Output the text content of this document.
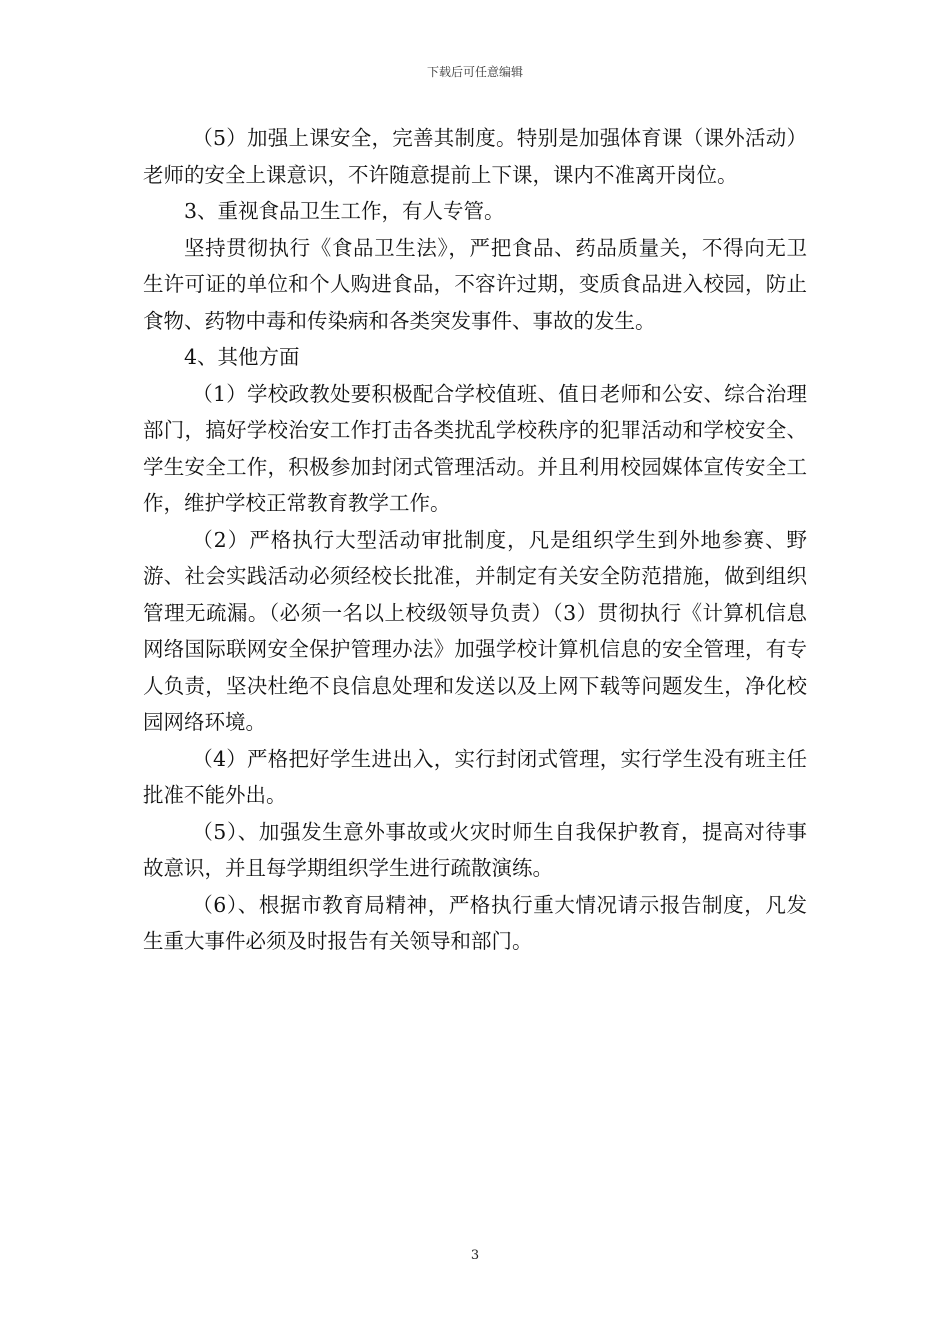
下载后可任意编辑

（5）加强上课安全，完善其制度。特别是加强体育课（课外活动）老师的安全上课意识，不许随意提前上下课，课内不准离开岗位。

3、重视食品卫生工作，有人专管。

坚持贯彻执行《食品卫生法》，严把食品、药品质量关，不得向无卫生许可证的单位和个人购进食品，不容许过期，变质食品进入校园，防止食物、药物中毒和传染病和各类突发事件、事故的发生。

4、其他方面

（1）学校政教处要积极配合学校值班、值日老师和公安、综合治理部门，搞好学校治安工作打击各类扰乱学校秩序的犯罪活动和学校安全、学生安全工作，积极参加封闭式管理活动。并且利用校园媒体宣传安全工作，维护学校正常教育教学工作。

（2）严格执行大型活动审批制度，凡是组织学生到外地参赛、野游、社会实践活动必须经校长批准，并制定有关安全防范措施，做到组织管理无疏漏。（必须一名以上校级领导负责）（3）贯彻执行《计算机信息网络国际联网安全保护管理办法》加强学校计算机信息的安全管理，有专人负责，坚决杜绝不良信息处理和发送以及上网下载等问题发生，净化校园网络环境。

（4）严格把好学生进出入，实行封闭式管理，实行学生没有班主任批准不能外出。

（5）、加强发生意外事故或火灾时师生自我保护教育，提高对待事故意识，并且每学期组织学生进行疏散演练。

（6）、根据市教育局精神，严格执行重大情况请示报告制度，凡发生重大事件必须及时报告有关领导和部门。

3
